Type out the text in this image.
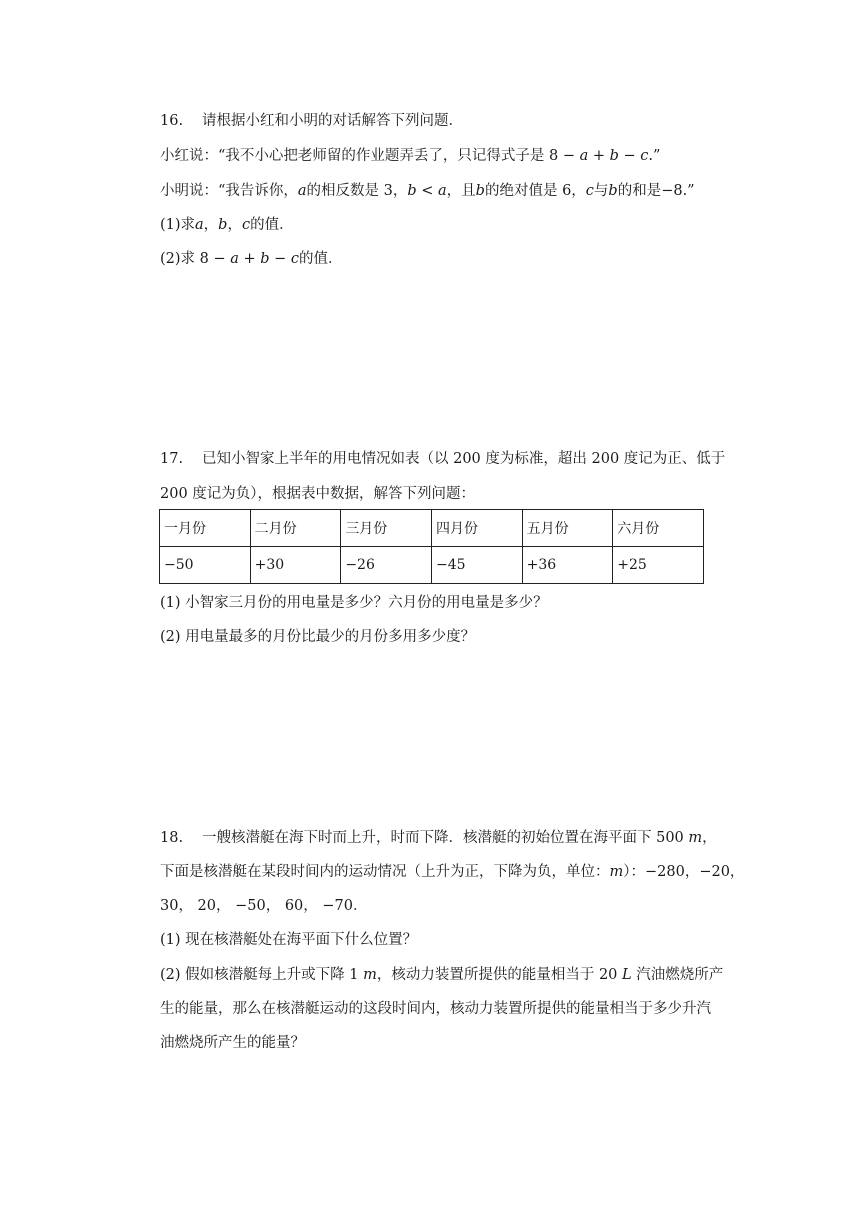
16. 请根据小红和小明的对话解答下列问题．
小红说：“我不小心把老师留的作业题弄丢了，只记得式子是 8 − 𝑎 + 𝑏 − 𝑐.”
小明说：“我告诉你，𝑎的相反数是 3，𝑏 < 𝑎，且𝑏的绝对值是 6，𝑐与𝑏的和是−8.”
(1)求𝑎，𝑏，𝑐的值．
(2)求 8 − 𝑎 + 𝑏 − 𝑐的值．
17. 已知小智家上半年的用电情况如表（以 200 度为标准，超出 200 度记为正、低于
200 度记为负），根据表中数据，解答下列问题：
一月份	二月份	三月份	四月份	五月份	六月份
−50	+30	−26	−45	+36	+25
(1) 小智家三月份的用电量是多少？六月份的用电量是多少？
(2) 用电量最多的月份比最少的月份多用多少度？
18. 一艘核潜艇在海下时而上升，时而下降．核潜艇的初始位置在海平面下 500 𝑚，
下面是核潜艇在某段时间内的运动情况（上升为正，下降为负，单位：𝑚）：−280，−20，
30， 20， −50， 60， −70．
(1) 现在核潜艇处在海平面下什么位置？
(2) 假如核潜艇每上升或下降 1 𝑚，核动力装置所提供的能量相当于 20 𝐿 汽油燃烧所产
生的能量，那么在核潜艇运动的这段时间内，核动力装置所提供的能量相当于多少升汽
油燃烧所产生的能量？
